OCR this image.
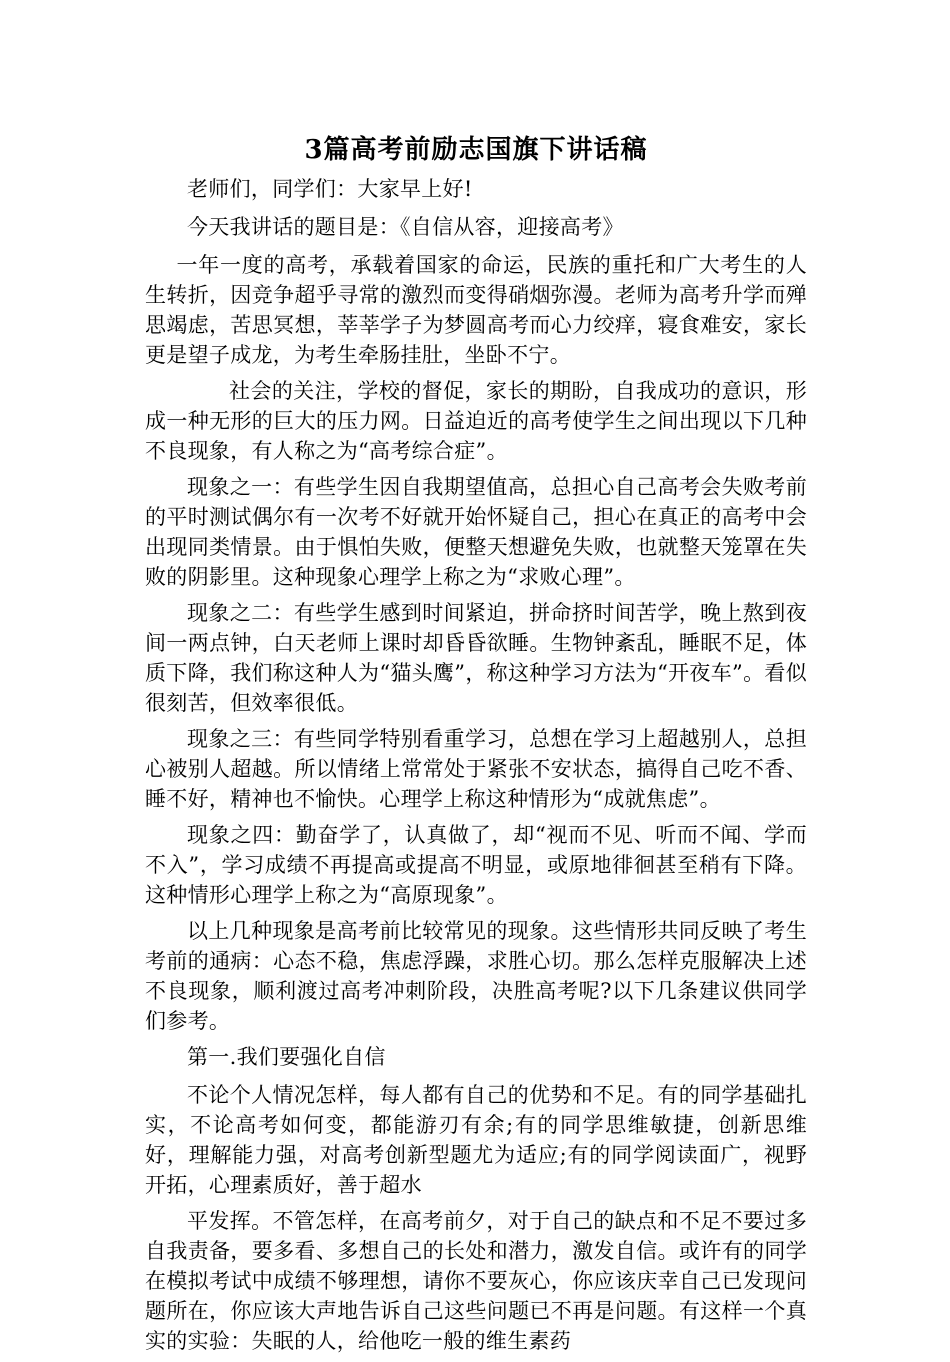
3篇高考前励志国旗下讲话稿

老师们，同学们：大家早上好!

今天我讲话的题目是：《自信从容，迎接高考》

一年一度的高考，承载着国家的命运，民族的重托和广大考生的人生转折，因竞争超乎寻常的激烈而变得硝烟弥漫。老师为高考升学而殚思竭虑，苦思冥想，莘莘学子为梦圆高考而心力绞痒，寝食难安，家长更是望子成龙，为考生牵肠挂肚，坐卧不宁。

社会的关注，学校的督促，家长的期盼，自我成功的意识，形成一种无形的巨大的压力网。日益迫近的高考使学生之间出现以下几种不良现象，有人称之为“高考综合症”。

现象之一：有些学生因自我期望值高，总担心自己高考会失败考前的平时测试偶尔有一次考不好就开始怀疑自己，担心在真正的高考中会出现同类情景。由于惧怕失败，便整天想避免失败，也就整天笼罩在失败的阴影里。这种现象心理学上称之为“求败心理”。

现象之二：有些学生感到时间紧迫，拼命挤时间苦学，晚上熬到夜间一两点钟，白天老师上课时却昏昏欲睡。生物钟紊乱，睡眠不足，体质下降，我们称这种人为“猫头鹰”，称这种学习方法为“开夜车”。看似很刻苦，但效率很低。

现象之三：有些同学特别看重学习，总想在学习上超越别人，总担心被别人超越。所以情绪上常常处于紧张不安状态，搞得自己吃不香、睡不好，精神也不愉快。心理学上称这种情形为“成就焦虑”。

现象之四：勤奋学了，认真做了，却“视而不见、听而不闻、学而不入”，学习成绩不再提高或提高不明显，或原地徘徊甚至稍有下降。这种情形心理学上称之为“高原现象”。

以上几种现象是高考前比较常见的现象。这些情形共同反映了考生考前的通病：心态不稳，焦虑浮躁，求胜心切。那么怎样克服解决上述不良现象，顺利渡过高考冲刺阶段，决胜高考呢?以下几条建议供同学们参考。

第一.我们要强化自信

不论个人情况怎样，每人都有自己的优势和不足。有的同学基础扎实，不论高考如何变，都能游刃有余;有的同学思维敏捷，创新思维好，理解能力强，对高考创新型题尤为适应;有的同学阅读面广，视野开拓，心理素质好，善于超水

平发挥。不管怎样，在高考前夕，对于自己的缺点和不足不要过多自我责备，要多看、多想自己的长处和潜力，激发自信。或许有的同学在模拟考试中成绩不够理想，请你不要灰心，你应该庆幸自己已发现问题所在，你应该大声地告诉自己这些问题已不再是问题。有这样一个真实的实验：失眠的人，给他吃一般的维生素药
